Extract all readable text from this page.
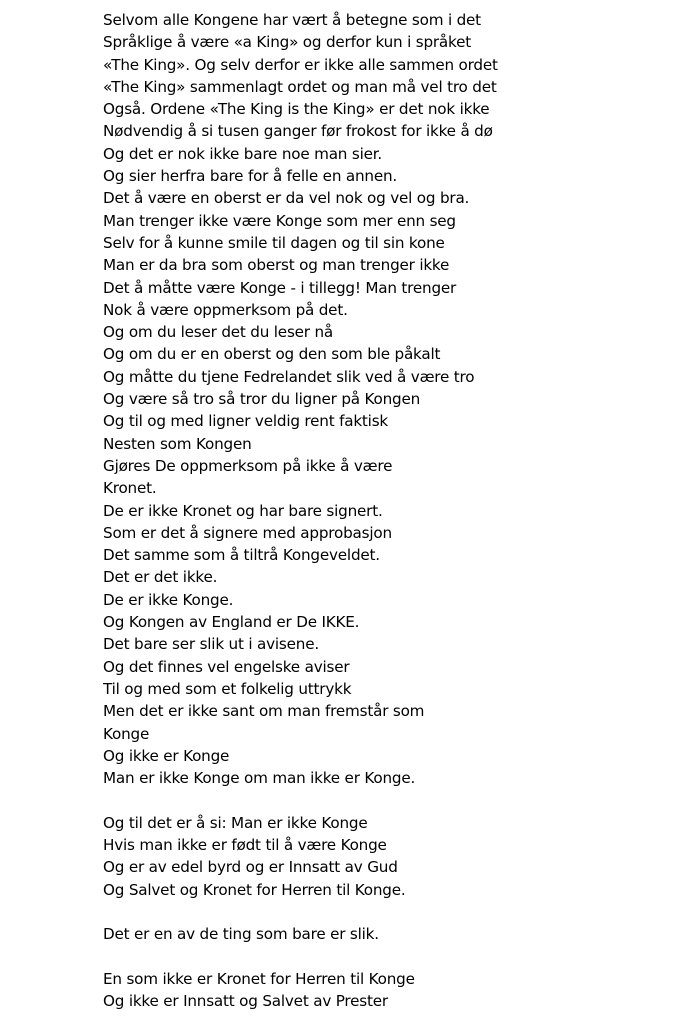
Selvom alle Kongene har vært å betegne som i det
Språklige å være «a King» og derfor kun i språket
«The King». Og selv derfor er ikke alle sammen ordet
«The King» sammenlagt ordet og man må vel tro det
Også. Ordene «The King is the King» er det nok ikke
Nødvendig å si tusen ganger før frokost for ikke å dø
Og det er nok ikke bare noe man sier.
Og sier herfra bare for å felle en annen.
Det å være en oberst er da vel nok og vel og bra.
Man trenger ikke være Konge som mer enn seg
Selv for å kunne smile til dagen og til sin kone
Man er da bra som oberst og man trenger ikke
Det å måtte være Konge - i tillegg! Man trenger
Nok å være oppmerksom på det.
Og om du leser det du leser nå
Og om du er en oberst og den som ble påkalt
Og måtte du tjene Fedrelandet slik ved å være tro
Og være så tro så tror du ligner på Kongen
Og til og med ligner veldig rent faktisk
Nesten som Kongen
Gjøres De oppmerksom på ikke å være
Kronet.
De er ikke Kronet og har bare signert.
Som er det å signere med approbasjon
Det samme som å tiltrå Kongeveldet.
Det er det ikke.
De er ikke Konge.
Og Kongen av England er De IKKE.
Det bare ser slik ut i avisene.
Og det finnes vel engelske aviser
Til og med som et folkelig uttrykk
Men det er ikke sant om man fremstår som
Konge
Og ikke er Konge
Man er ikke Konge om man ikke er Konge.
Og til det er å si: Man er ikke Konge
Hvis man ikke er født til å være Konge
Og er av edel byrd og er Innsatt av Gud
Og Salvet og Kronet for Herren til Konge.
Det er en av de ting som bare er slik.
En som ikke er Kronet for Herren til Konge
Og ikke er Innsatt og Salvet av Prester
